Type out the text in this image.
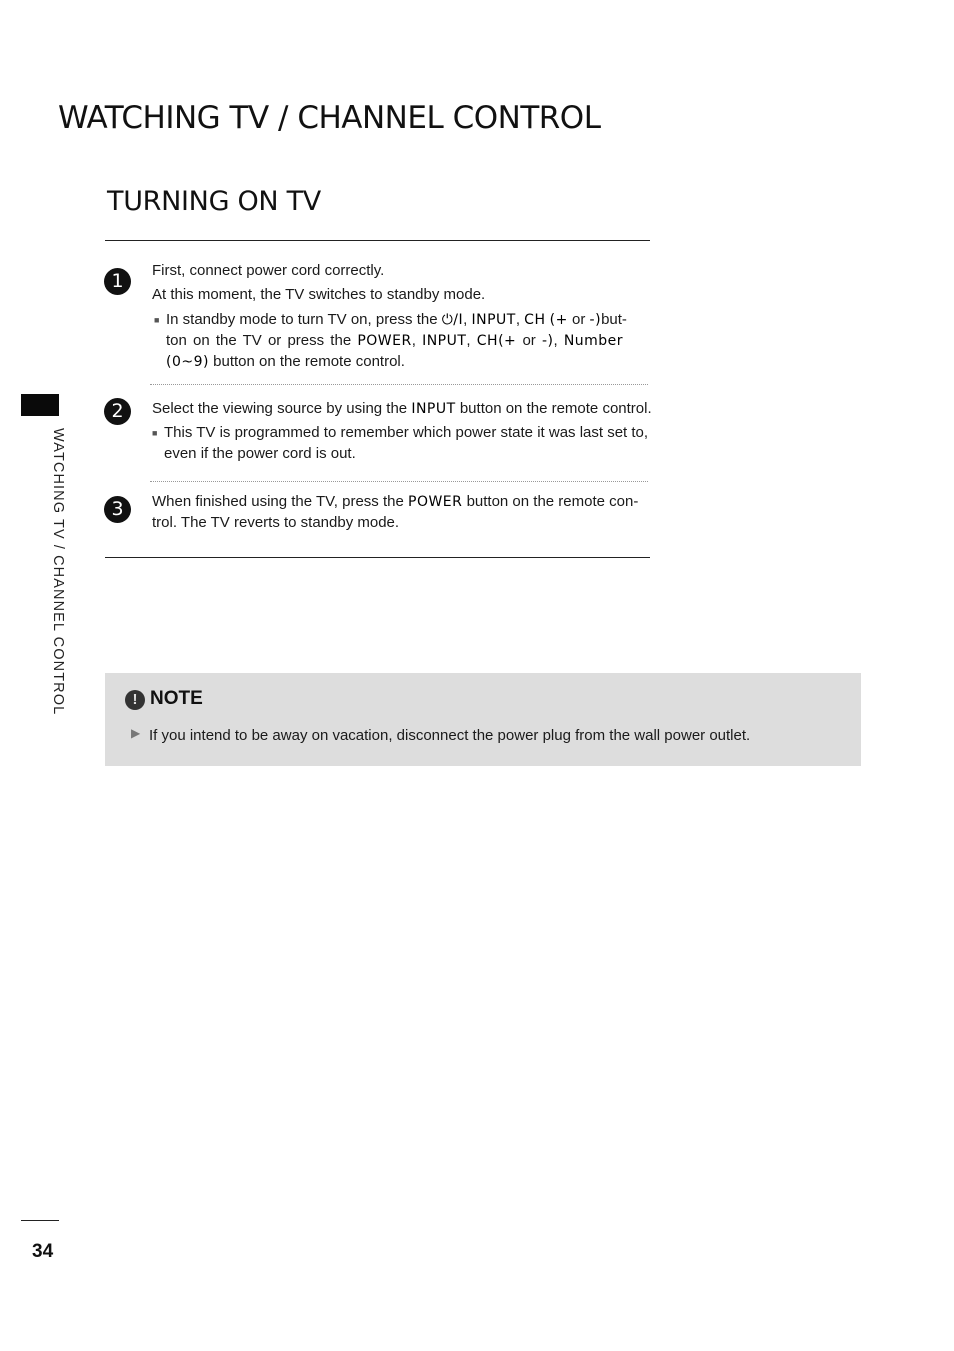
WATCHING TV / CHANNEL CONTROL
TURNING ON TV
WATCHING TV / CHANNEL CONTROL
1	First, connect power cord correctly.
At this moment, the TV switches to standby mode.
■ In standby mode to turn TV on, press the ⏻/I, INPUT, CH (+ or -)but-
ton on the TV or press the POWER, INPUT, CH(+ or -), Number
(0~9) button on the remote control.
2	Select the viewing source by using the INPUT button on the remote control.
■ This TV is programmed to remember which power state it was last set to,
even if the power cord is out.
3	When finished using the TV, press the POWER button on the remote con-
trol. The TV reverts to standby mode.
! NOTE
▶ If you intend to be away on vacation, disconnect the power plug from the wall power outlet.
34
